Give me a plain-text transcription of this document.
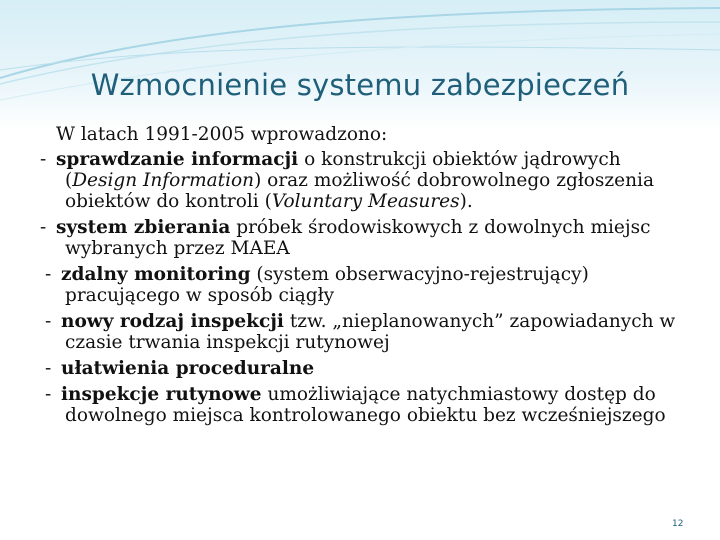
Wzmocnienie systemu zabezpieczeń

W latach 1991-2005 wprowadzono:

- sprawdzanie informacji o konstrukcji obiektów jądrowych (Design Information) oraz możliwość dobrowolnego zgłoszenia obiektów do kontroli (Voluntary Measures).

- system zbierania próbek środowiskowych z dowolnych miejsc wybranych przez MAEA

- zdalny monitoring (system obserwacyjno-rejestrujący) pracującego w sposób ciągły

- nowy rodzaj inspekcji tzw. „nieplanowanych” zapowiadanych w czasie trwania inspekcji rutynowej

- ułatwienia proceduralne

- inspekcje rutynowe umożliwiające natychmiastowy dostęp do dowolnego miejsca kontrolowanego obiektu bez wcześniejszego

12
